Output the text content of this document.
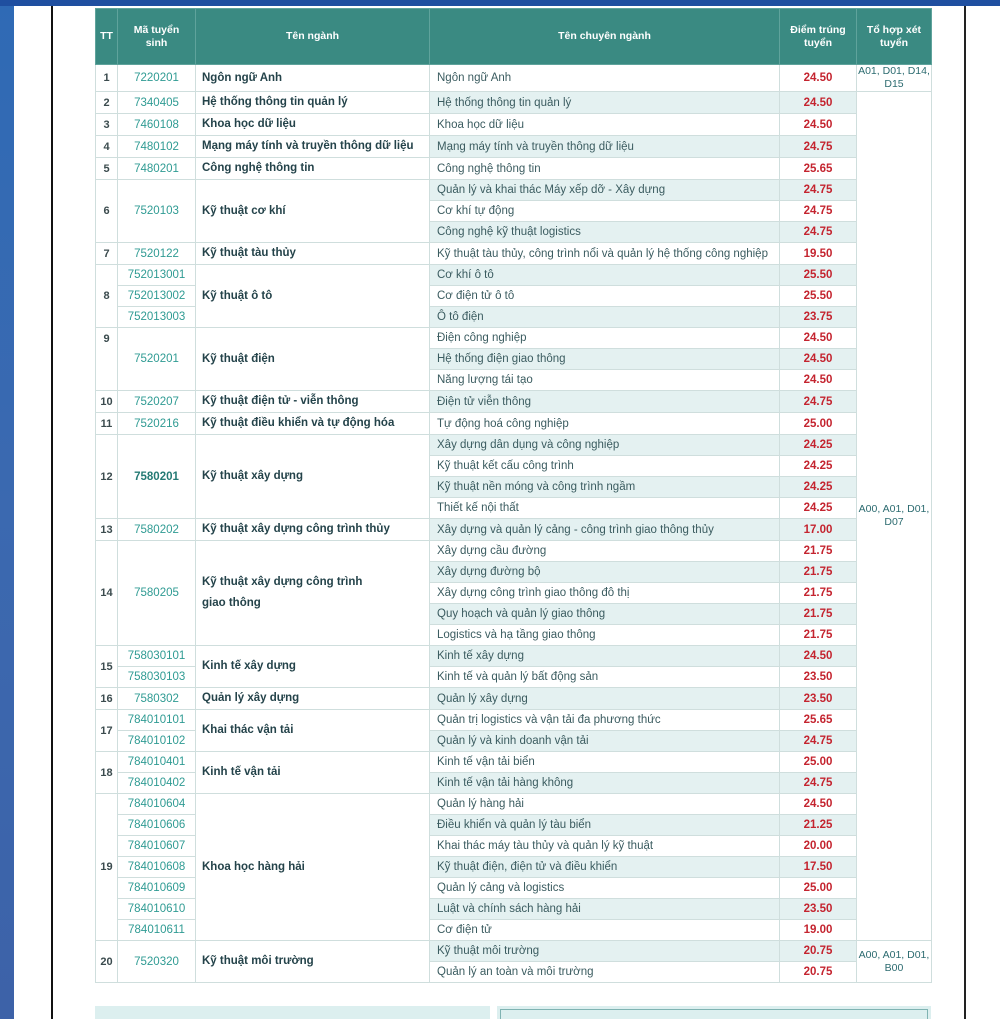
TT	Mã tuyển sinh	Tên ngành	Tên chuyên ngành	Điểm trúng tuyển	Tổ hợp xét tuyển
1	7220201	Ngôn ngữ Anh	Ngôn ngữ Anh	24.50	A01, D01, D14, D15
2	7340405	Hệ thống thông tin quản lý	Hệ thống thông tin quản lý	24.50	A00, A01, D01, D07
3	7460108	Khoa học dữ liệu	Khoa học dữ liệu	24.50	
4	7480102	Mạng máy tính và truyền thông dữ liệu	Mạng máy tính và truyền thông dữ liệu	24.75	
5	7480201	Công nghệ thông tin	Công nghệ thông tin	25.65	
6	7520103	Kỹ thuật cơ khí	Quản lý và khai thác Máy xếp dỡ - Xây dựng	24.75	
			Cơ khí tự động	24.75	
			Công nghệ kỹ thuật logistics	24.75	
7	7520122	Kỹ thuật tàu thủy	Kỹ thuật tàu thủy, công trình nổi và quản lý hệ thống công nghiệp	19.50	
8	752013001	Kỹ thuật ô tô	Cơ khí ô tô	25.50	
	752013002		Cơ điện tử ô tô	25.50	
	752013003		Ô tô điện	23.75	
9	7520201	Kỹ thuật điện	Điện công nghiệp	24.50	
			Hệ thống điện giao thông	24.50	
			Năng lượng tái tạo	24.50	
10	7520207	Kỹ thuật điện tử - viễn thông	Điện tử viễn thông	24.75	
11	7520216	Kỹ thuật điều khiển và tự động hóa	Tự động hoá công nghiệp	25.00	
12	7580201	Kỹ thuật xây dựng	Xây dựng dân dụng và công nghiệp	24.25	
			Kỹ thuật kết cấu công trình	24.25	
			Kỹ thuật nền móng và công trình ngầm	24.25	
			Thiết kế nội thất	24.25	
13	7580202	Kỹ thuật xây dựng công trình thủy	Xây dựng và quản lý cảng - công trình giao thông thủy	17.00	
14	7580205	Kỹ thuật xây dựng công trình giao thông	Xây dựng cầu đường	21.75	
			Xây dựng đường bộ	21.75	
			Xây dựng công trình giao thông đô thị	21.75	
			Quy hoạch và quản lý giao thông	21.75	
			Logistics và hạ tầng giao thông	21.75	
15	758030101	Kinh tế xây dựng	Kinh tế xây dựng	24.50	
	758030103		Kinh tế và quản lý bất động sản	23.50	
16	7580302	Quản lý xây dựng	Quản lý xây dựng	23.50	
17	784010101	Khai thác vận tải	Quản trị logistics và vận tải đa phương thức	25.65	
	784010102		Quản lý và kinh doanh vận tải	24.75	
18	784010401	Kinh tế vận tải	Kinh tế vận tải biển	25.00	
	784010402		Kinh tế vận tải hàng không	24.75	
19	784010604	Khoa học hàng hải	Quản lý hàng hải	24.50	
	784010606		Điều khiển và quản lý tàu biển	21.25	
	784010607		Khai thác máy tàu thủy và quản lý kỹ thuật	20.00	
	784010608		Kỹ thuật điện, điện tử và điều khiển	17.50	
	784010609		Quản lý cảng và logistics	25.00	
	784010610		Luật và chính sách hàng hải	23.50	
	784010611		Cơ điện tử	19.00	
20	7520320	Kỹ thuật môi trường	Kỹ thuật môi trường	20.75	A00, A01, D01, B00
			Quản lý an toàn và môi trường	20.75	
